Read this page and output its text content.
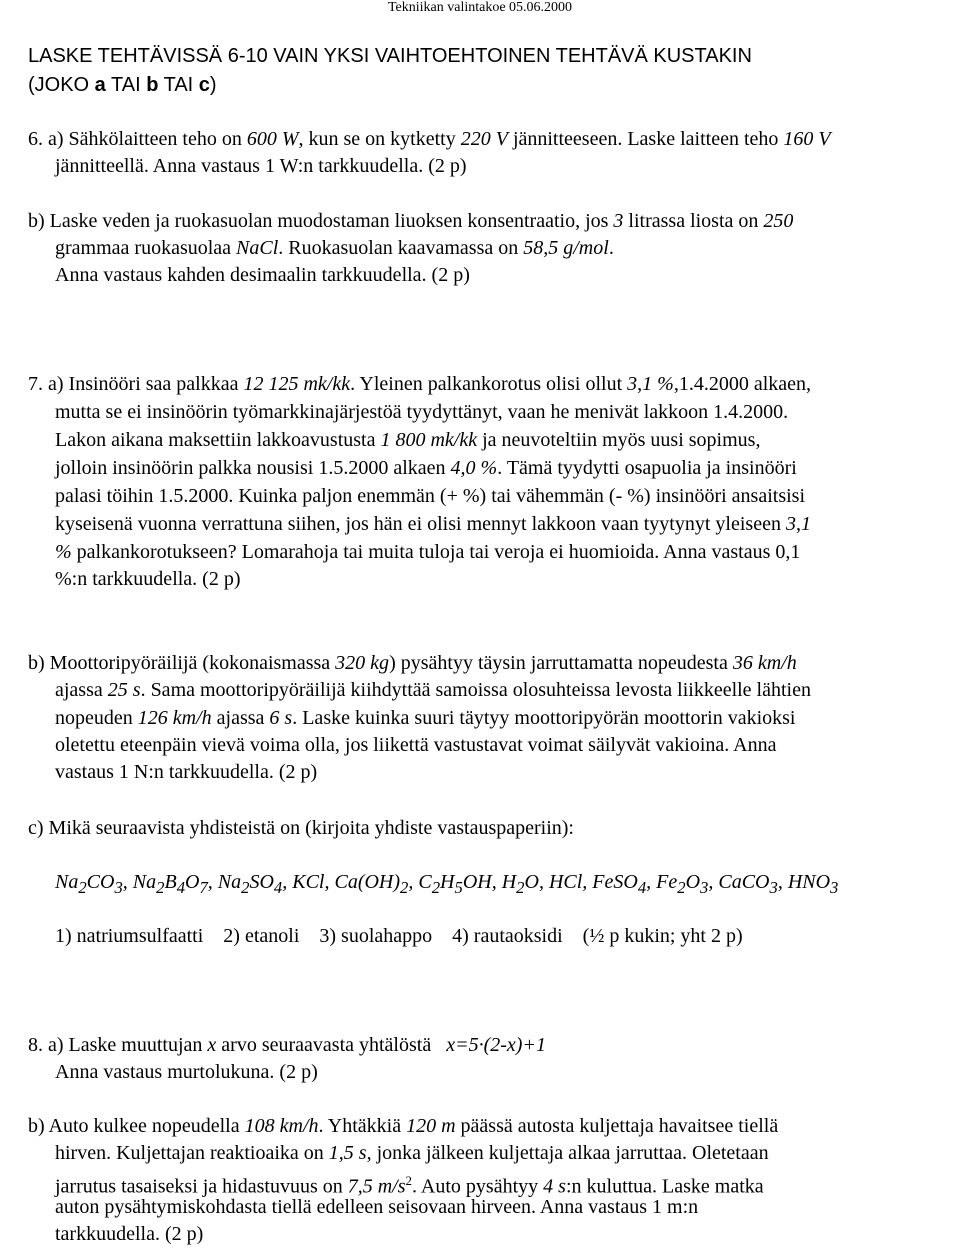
Tekniikan valintakoe 05.06.2000
LASKE TEHTÄVISSÄ 6-10 VAIN YKSI VAIHTOEHTOINEN TEHTÄVÄ KUSTAKIN
(JOKO a TAI b TAI c)
6. a) Sähkölaitteen teho on 600 W, kun se on kytketty 220 V jännitteeseen. Laske laitteen teho 160 V
jännitteellä. Anna vastaus 1 W:n tarkkuudella. (2 p)
b) Laske veden ja ruokasuolan muodostaman liuoksen konsentraatio, jos 3 litrassa liosta on 250
grammaa ruokasuolaa NaCl. Ruokasuolan kaavamassa on 58,5 g/mol.
Anna vastaus kahden desimaalin tarkkuudella. (2 p)
7. a) Insinööri saa palkkaa 12 125 mk/kk. Yleinen palkankorotus olisi ollut 3,1 %,1.4.2000 alkaen,
mutta se ei insinöörin työmarkkinajärjestöä tyydyttänyt, vaan he menivät lakkoon 1.4.2000.
Lakon aikana maksettiin lakkoavustusta 1 800 mk/kk ja neuvoteltiin myös uusi sopimus,
jolloin insinöörin palkka nousisi 1.5.2000 alkaen 4,0 %. Tämä tyydytti osapuolia ja insinööri
palasi töihin 1.5.2000. Kuinka paljon enemmän (+ %) tai vähemmän (- %) insinööri ansaitsisi
kyseisenä vuonna verrattuna siihen, jos hän ei olisi mennyt lakkoon vaan tyytynyt yleiseen 3,1
% palkankorotukseen? Lomarahoja tai muita tuloja tai veroja ei huomioida. Anna vastaus 0,1
%:n tarkkuudella. (2 p)
b) Moottoripyöräilijä (kokonaismassa 320 kg) pysähtyy täysin jarruttamatta nopeudesta 36 km/h
ajassa 25 s. Sama moottoripyöräilijä kiihdyttää samoissa olosuhteissa levosta liikkeelle lähtien
nopeuden 126 km/h ajassa 6 s. Laske kuinka suuri täytyy moottoripyörän moottorin vakioksi
oletettu eteenpäin vievä voima olla, jos liikettä vastustavat voimat säilyvät vakioina. Anna
vastaus 1 N:n tarkkuudella. (2 p)
c) Mikä seuraavista yhdisteistä on (kirjoita yhdiste vastauspaperiin):
$Na_2CO_3$, $Na_2B_4O_7$, $Na_2SO_4$, KCl, $Ca(OH)_2$, $C_2H_5OH$, $H_2O$, HCl, FeSO$_4$, $Fe_2O_3$, CaCO$_3$, $HNO_3$
1) natriumsulfaatti    2) etanoli    3) suolahappo    4) rautaoksidi    (½ p kukin; yht 2 p)
8. a) Laske muuttujan x arvo seuraavasta yhtälöstä   x=5·(2-x)+1
Anna vastaus murtolukuna. (2 p)
b) Auto kulkee nopeudella 108 km/h. Yhtäkkiä 120 m päässä autosta kuljettaja havaitsee tiellä
hirven. Kuljettajan reaktioaika on 1,5 s, jonka jälkeen kuljettaja alkaa jarruttaa. Oletetaan
jarrutus tasaiseksi ja hidastuvuus on 7,5 $m/s^2$. Auto pysähtyy 4 s:n kuluttua. Laske matka
auton pysähtymiskohdasta tiellä edelleen seisovaan hirveen. Anna vastaus 1 m:n
tarkkuudella. (2 p)
